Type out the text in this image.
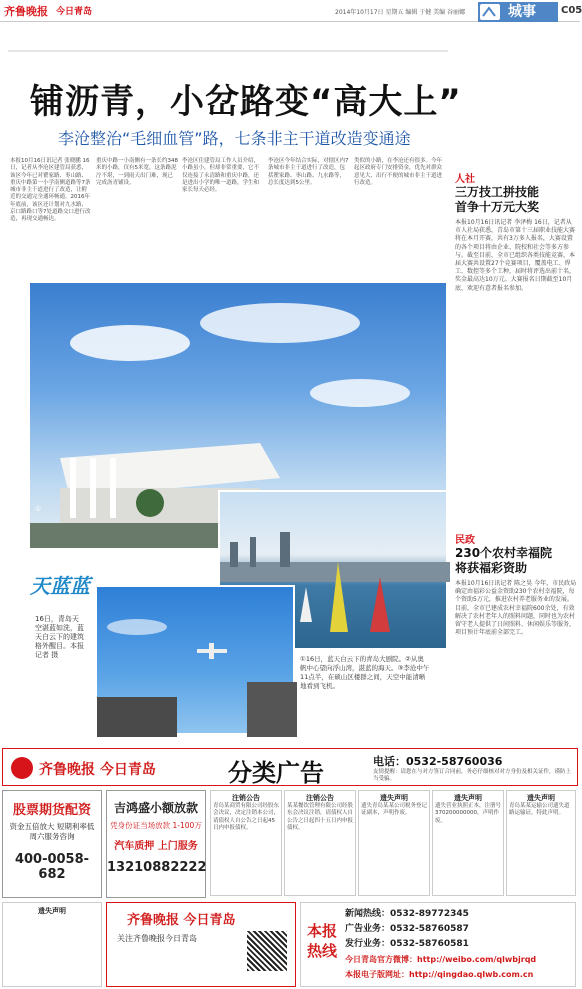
齐鲁晚报 今日青岛	2014年10月17日 星期五 编辑 于健 美编 谷丽娜	城事	C05
铺沥青，小岔路变“高大上”
李沧整治“毛细血管”路，七条非主干道改造变通途
本报10月16日讯记者 张晓鹏 16日，记者从李沧区建管局获悉，该区今年已对瞿家路、枣山路、重庆中路第一小学南侧道路等7条城市非主干道进行了改造，让附近的交通完全通环畅通。2016年年底前，该区还计划对九水路、京口路路口等7处道路交口进行改造，再现交通畅达。
重庆中路一小南侧有一条长约348米的小路，仅有5米宽，这条路泥泞不堪，一到雨天出门难，现已完成沥青铺设。
李沧区住建管局工作人员介绍，小路虽小，但却非常重要，它不仅连接了永清路和重庆中路，还是进出小学的唯一道路，学生和家长每天必经。
李沧区今年结合实际，对辖区内7条城市非主干道进行了改造，包括瞿家路、枣山路、九水路等，总长度达到5公里。
类似的小路，在李沧还有很多。今年起区政府专门安排资金，优先对群众意见大、出行不便的城市非主干道进行改造。
①
天蓝蓝
16日，青岛天空湛蓝如洗，蓝天白云下的建筑格外醒目。本报记者 摄	①16日，蓝天白云下的青岛大剧院。②从奥帆中心望向浮山湾，湛蓝的海天。③李沧中午11点半，在硕山区楼群之间，天空中能清晰地看到飞机。
人社
三万技工拼技能
首争十万元大奖
本报10月16日讯记者 李泽梅 16日，记者从市人社局获悉，青岛市第十三届职业技能大赛将在本月开赛，共有3万多人报名，大赛设置的各个项目将由企业、院校和社会等多方参与。截至目前，全市已组织各类技能竞赛，本届大赛共设置27个竞赛项目，覆盖电工、焊工、数控等多个工种，届时将评选出前十名，奖金最高达10万元。大赛报名日期截至10月底，欢迎有意者报名参加。
民政
230个农村幸福院
将获福彩资助
本报10月16日讯记者 陈之昊 今年，市民政局确定由福彩公益金资助230个农村幸福院，每个资助5万元，推进农村养老服务业的发展。目前，全市已建成农村幸福院600余处，有效解决了农村老年人的照料问题，同时也为农村留守老人提供了日间照料、休闲娱乐等服务，项目预计年底前全部完工。
齐鲁晚报 今日青岛	分类广告	电话：0532-58760036
友情提醒：请您在与对方签订合同前，务必仔细核对对方身份及相关证件，谨防上当受骗。
股票期货配资
资金五倍放大 短期利率低 周六服务咨询
400-0058-682
吉鸿盛小额放款
凭身份证当场放款 1-100万
汽车质押 上门服务
13210882222
注销公告
青岛某商贸有限公司经股东会决议，决定注销本公司，请债权人自公告之日起45日内申报债权。
注销公告
某某餐饮管理有限公司经股东会决议注销，请债权人自公告之日起四十五日内申报债权。
遗失声明
遗失青岛某某公司税务登记证副本，声明作废。
遗失声明
遗失营业执照正本，注册号370200000000，声明作废。
遗失声明
青岛某某运输公司遗失道路运输证，特此声明。
遗失声明
齐鲁晚报 今日青岛
关注齐鲁晚报今日青岛	本报热线
新闻热线：0532-89772345
广告业务：0532-58760587
发行业务：0532-58760581
今日青岛官方微博：http://weibo.com/qlwbjrqd
本报电子版网址：http://qingdao.qlwb.com.cn
